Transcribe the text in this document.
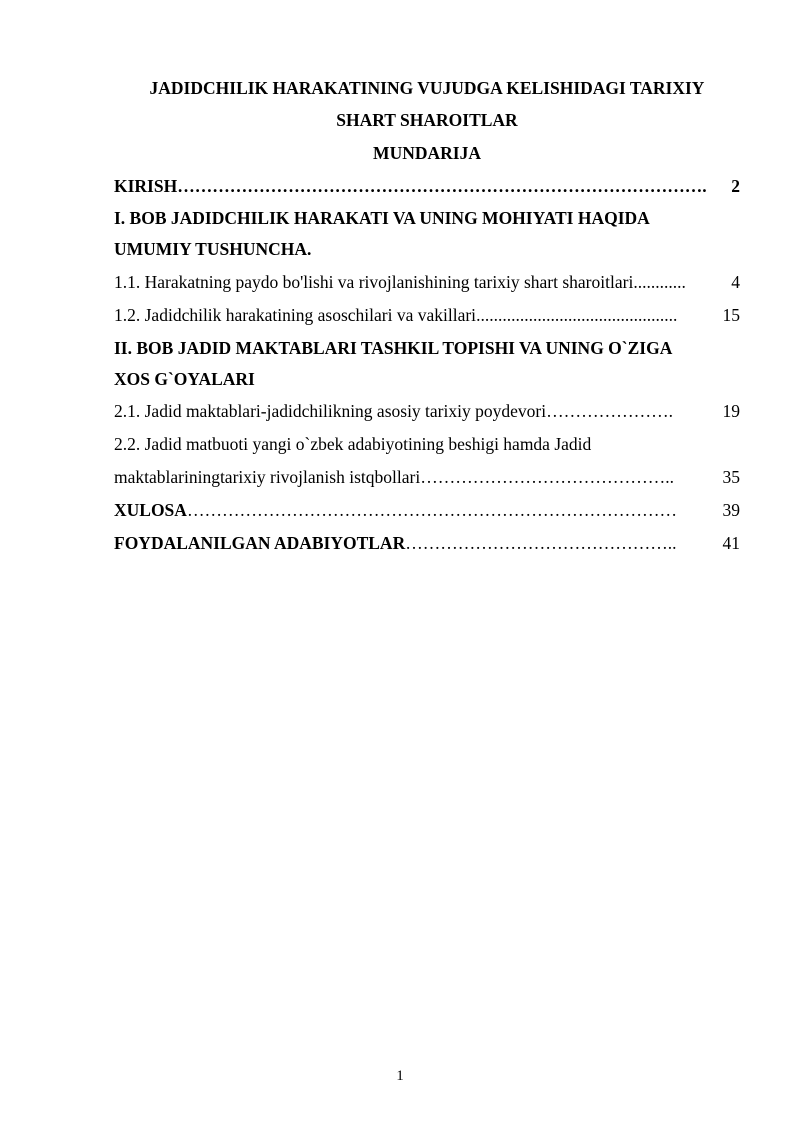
JADIDCHILIK HARAKATINING VUJUDGA KELISHIDAGI TARIXIY
SHART SHAROITLAR
MUNDARIJA
KIRISH ……………………………………………………………………………….	2
I. BOB JADIDCHILIK HARAKATI VA UNING MOHIYATI HAQIDA
UMUMIY TUSHUNCHA.
1.1. Harakatning paydo bo'lishi va rivojlanishining tarixiy shart sharoitlari ............	4
1.2. Jadidchilik harakatining asoschilari va vakillari ..............................................	15
II. BOB JADID MAKTABLARI TASHKIL TOPISHI VA UNING O`ZIGA
XOS G`OYALARI
2.1. Jadid maktablari-jadidchilikning asosiy tarixiy poydevori ………………….	19
2.2. Jadid matbuoti yangi o`zbek adabiyotining beshigi hamda Jadid
maktablariningtarixiy rivojlanish istqbollari ……………………………………..	35
XULOSA …………………………………………………………………………	39
FOYDALANILGAN ADABIYOTLAR ………………………………………..	41
1
